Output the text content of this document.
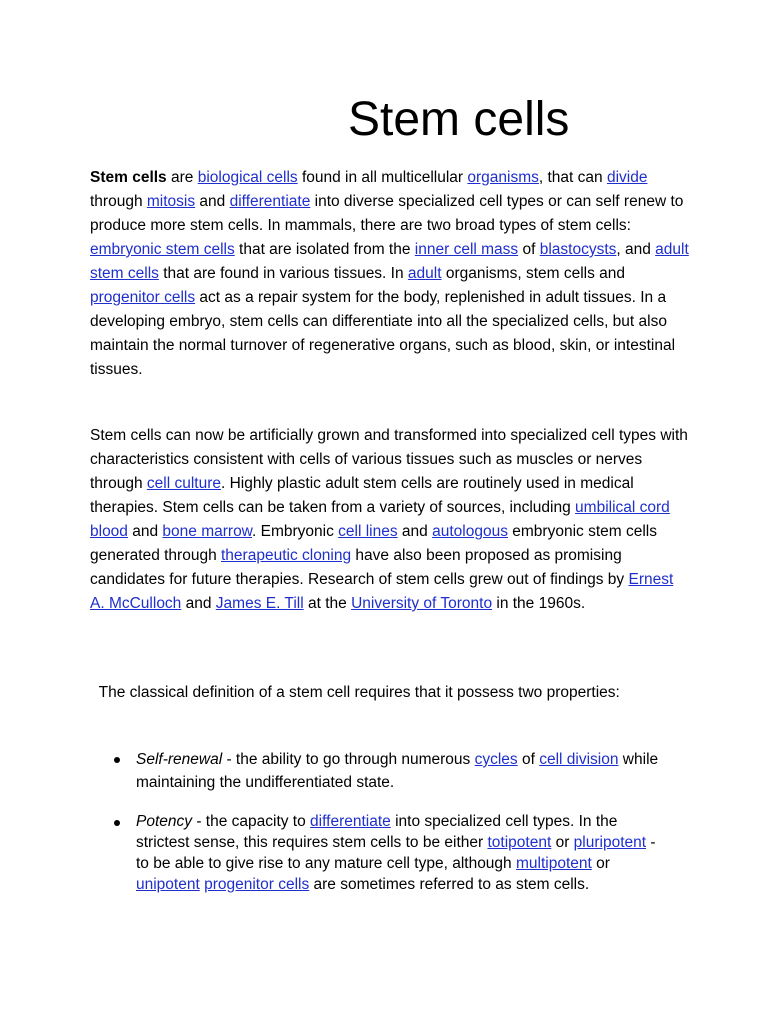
Stem cells

Stem cells are biological cells found in all multicellular organisms, that can divide through mitosis and differentiate into diverse specialized cell types or can self renew to produce more stem cells. In mammals, there are two broad types of stem cells: embryonic stem cells that are isolated from the inner cell mass of blastocysts, and adult stem cells that are found in various tissues. In adult organisms, stem cells and progenitor cells act as a repair system for the body, replenished in adult tissues. In a developing embryo, stem cells can differentiate into all the specialized cells, but also maintain the normal turnover of regenerative organs, such as blood, skin, or intestinal tissues.

Stem cells can now be artificially grown and transformed into specialized cell types with characteristics consistent with cells of various tissues such as muscles or nerves through cell culture. Highly plastic adult stem cells are routinely used in medical therapies. Stem cells can be taken from a variety of sources, including umbilical cord blood and bone marrow. Embryonic cell lines and autologous embryonic stem cells generated through therapeutic cloning have also been proposed as promising candidates for future therapies. Research of stem cells grew out of findings by Ernest A. McCulloch and James E. Till at the University of Toronto in the 1960s.

The classical definition of a stem cell requires that it possess two properties:

Self-renewal - the ability to go through numerous cycles of cell division while maintaining the undifferentiated state.
Potency - the capacity to differentiate into specialized cell types. In the strictest sense, this requires stem cells to be either totipotent or pluripotent - to be able to give rise to any mature cell type, although multipotent or unipotent progenitor cells are sometimes referred to as stem cells.
